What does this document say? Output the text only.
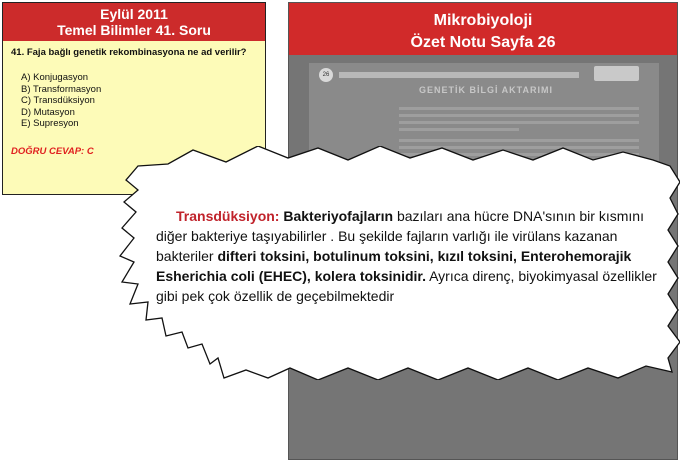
Eylül 2011
Temel Bilimler 41. Soru
41. Faja bağlı genetik rekombinasyona ne ad verilir?
A) Konjugasyon
B) Transformasyon
C) Transdüksiyon
D) Mutasyon
E) Supresyon
DOĞRU CEVAP: C
Mikrobiyoloji
Özet Notu Sayfa 26
26
GENETİK BİLGİ AKTARIMI
Transdüksiyon: Bakteriyofajların bazıları ana hücre DNA'sının bir kısmını diğer bakteriye taşıyabilirler . Bu şekilde fajların varlığı ile virülans kazanan bakteriler difteri toksini, botulinum toksini, kızıl toksini, Enterohemorajik Esherichia coli (EHEC), kolera toksinidir. Ayrıca direnç, biyokimyasal özellikler gibi pek çok özellik de geçebilmektedir
